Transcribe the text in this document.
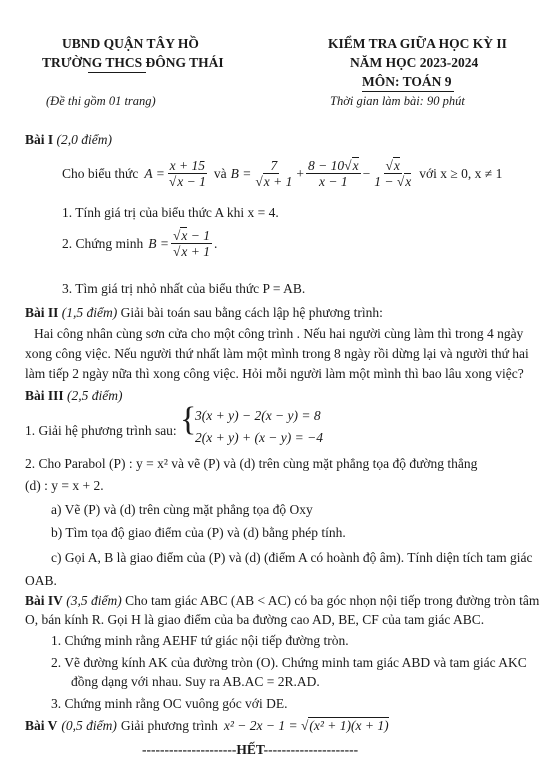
UBND QUẬN TÂY HỒ
TRƯỜNG THCS ĐÔNG THÁI
(Đề thi gồm 01 trang)
KIỂM TRA GIỮA HỌC KỲ II
NĂM HỌC 2023-2024
MÔN: TOÁN 9
Thời gian làm bài: 90 phút
Bài I (2,0 điểm)
Cho biểu thức $A = \frac{x + 15}{√x - 1}$ và $B = \frac{7}{√x + 1} + \frac{8 - 10√x}{x - 1} - \frac{√x}{1 - √x}$ với x ≥ 0, x ≠ 1
1. Tính giá trị của biểu thức A khi x = 4.
2. Chứng minh $B = \frac{√x - 1}{√x + 1}$ .
3. Tìm giá trị nhỏ nhất của biểu thức P = AB.
Bài II (1,5 điểm) Giải bài toán sau bằng cách lập hệ phương trình:
Hai công nhân cùng sơn cửa cho một công trình . Nếu hai người cùng làm thì trong 4 ngày
xong công việc. Nếu người thứ nhất làm một mình trong 8 ngày rồi dừng lại và người thứ hai
làm tiếp 2 ngày nữa thì xong công việc. Hỏi mỗi người làm một mình thì bao lâu xong việc?
Bài III (2,5 điểm)
1. Giải hệ phương trình sau: {
3(x + y) − 2(x − y) = 8
2(x + y) + (x − y) = −4
2. Cho Parabol (P) : y = x² và vẽ (P) và (d) trên cùng mặt phẳng tọa độ đường thẳng
(d) : y = x + 2.
a) Vẽ (P) và (d) trên cùng mặt phẳng tọa độ Oxy
b) Tìm tọa độ giao điểm của (P) và (d) bằng phép tính.
c) Gọi A, B là giao điểm của (P) và (d) (điểm A có hoành độ âm). Tính diện tích tam giác
OAB.
Bài IV (3,5 điểm) Cho tam giác ABC (AB < AC) có ba góc nhọn nội tiếp trong đường tròn tâm
O, bán kính R. Gọi H là giao điểm của ba đường cao AD, BE, CF của tam giác ABC.
1. Chứng minh rằng AEHF tứ giác nội tiếp đường tròn.
2. Vẽ đường kính AK của đường tròn (O). Chứng minh tam giác ABD và tam giác AKC
đồng dạng với nhau. Suy ra AB.AC = 2R.AD.
3. Chứng minh rằng OC vuông góc với DE.
Bài V (0,5 điểm) Giải phương trình x² − 2x − 1 = √(x² + 1)(x + 1)
---------------------HẾT---------------------
